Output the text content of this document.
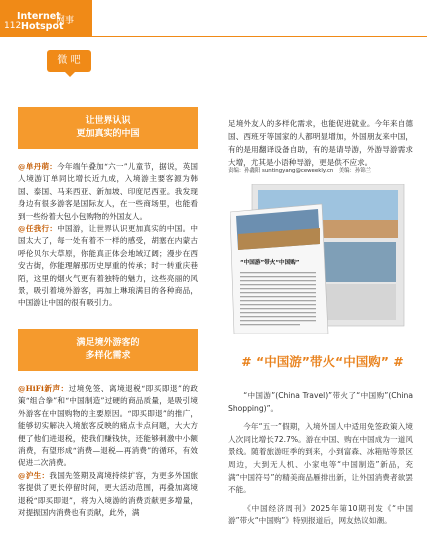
Internet
112 Hotspot
网事
微 吧
让世界认识
更加真实的中国

@单丹萌：今年端午叠加“六一”儿童节，据说，英国人境游订单同比增长近九成，入境游主要客源为韩国、泰国、马来西亚、新加坡、印度尼西亚。我发现身边有很多游客是国际友人，在一些商场里，也能看到一些纷着大包小包购物的外国友人。

@任我行：中国游，让世界认识更加真实的中国。中国太大了，每一处有着不一样的感受，胡塞在内蒙古呼伦贝尔大草原，你能真正体会地域辽阔；漫步在西安古街，你能理解那历史厚重的传承；时一转重庆巷陌，这里的烟火气更有着独特的魅力，这些亮丽的风景，吸引着境外游客，再加上琳琅满目的各种商品，中国游让中国的很有吸引力。

满足境外游客的
多样化需求

@HiFi新声：过境免签、离境退税“即买即退”的政策“组合拳”和“中国制造”过硬的商品质量，是吸引境外游客在中国购物的主要原因。“即买即退”的推广，能够切实解决入境旅客反映的痛点卡点问题，大大方便了他们进退税，使我们赚钱快，还能够刺激中小额消费，有望形成“消费—退税—再消费”的循环，有效促进二次消费。

@沪生：我国先签期及离境持续扩容，为更多外国旅客提供了更长停留时间，更大活动范围，再叠加离境退税“即买即退”，将为入境游的消费贡献更多增量，对提振国内消费也有贡献，此外，满

足境外友人的多样化需求，也能促进就业。今年来自德国、西班牙等国家的人都明显增加，外国朋友来中国，有的是用翻译设备自助，有的是请导游，外游导游需求大增，尤其是小语种导游，更是供不应求。

责编：孙鑫阳 suntingyang@ceweekly.cn　美编：孙锦兰
“中国游”带火“中国购”
# “中国游”带火“中国购” #

“中国游”(China Travel)”带火了“中国购”(China Shopping)”。

今年“五一”假期，入境外国人中适用免签政策入境人次同比增长72.7%。游在中国、购在中国成为一道风景线。随着旅游旺季的到来，小到富森、冰箱贴等景区周边，大到无人机、小家电等“中国制造”新品，充满“中国符号”的精美商品雁排出新，让外国消费者欲罢不能。

《中国经济周刊》2025年第10期刊发《“中国游”带火“中国购”》特别报道后，网友热议如潮。
